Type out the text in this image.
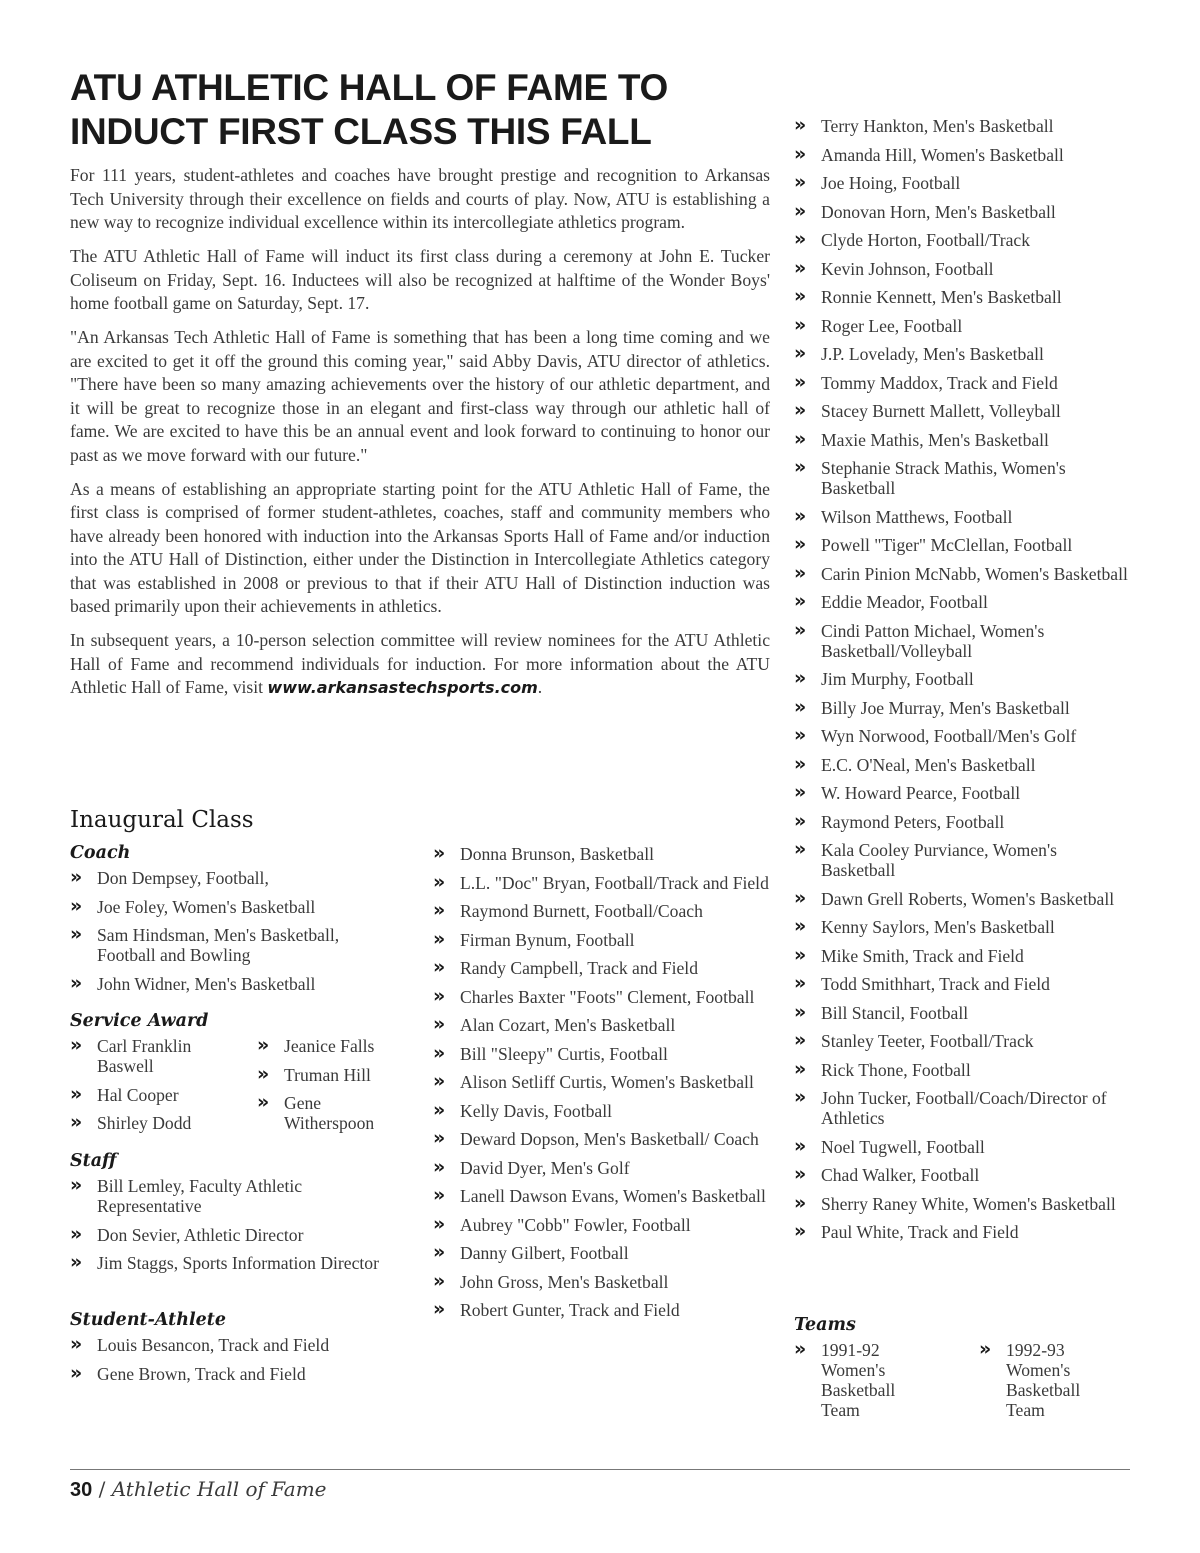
ATU ATHLETIC HALL OF FAME TO INDUCT FIRST CLASS THIS FALL

For 111 years, student-athletes and coaches have brought prestige and recognition to Arkansas Tech University through their excellence on fields and courts of play. Now, ATU is establishing a new way to recognize individual excellence within its intercollegiate athletics program.

The ATU Athletic Hall of Fame will induct its first class during a ceremony at John E. Tucker Coliseum on Friday, Sept. 16. Inductees will also be recognized at halftime of the Wonder Boys' home football game on Saturday, Sept. 17.

"An Arkansas Tech Athletic Hall of Fame is something that has been a long time coming and we are excited to get it off the ground this coming year," said Abby Davis, ATU director of athletics. "There have been so many amazing achievements over the history of our athletic department, and it will be great to recognize those in an elegant and first-class way through our athletic hall of fame. We are excited to have this be an annual event and look forward to continuing to honor our past as we move forward with our future."

As a means of establishing an appropriate starting point for the ATU Athletic Hall of Fame, the first class is comprised of former student-athletes, coaches, staff and community members who have already been honored with induction into the Arkansas Sports Hall of Fame and/or induction into the ATU Hall of Distinction, either under the Distinction in Intercollegiate Athletics category that was established in 2008 or previous to that if their ATU Hall of Distinction induction was based primarily upon their achievements in athletics.

In subsequent years, a 10-person selection committee will review nominees for the ATU Athletic Hall of Fame and recommend individuals for induction. For more information about the ATU Athletic Hall of Fame, visit www.arkansastechsports.com.

Inaugural Class
Coach
» Don Dempsey, Football,
» Joe Foley, Women's Basketball
» Sam Hindsman, Men's Basketball, Football and Bowling
» John Widner, Men's Basketball
Service Award
» Carl Franklin Baswell
» Hal Cooper
» Shirley Dodd
» Jeanice Falls
» Truman Hill
» Gene Witherspoon
Staff
» Bill Lemley, Faculty Athletic Representative
» Don Sevier, Athletic Director
» Jim Staggs, Sports Information Director
Student-Athlete
» Louis Besancon, Track and Field
» Gene Brown, Track and Field
» Donna Brunson, Basketball
» L.L. "Doc" Bryan, Football/Track and Field
» Raymond Burnett, Football/Coach
» Firman Bynum, Football
» Randy Campbell, Track and Field
» Charles Baxter "Foots" Clement, Football
» Alan Cozart, Men's Basketball
» Bill "Sleepy" Curtis, Football
» Alison Setliff Curtis, Women's Basketball
» Kelly Davis, Football
» Deward Dopson, Men's Basketball/ Coach
» David Dyer, Men's Golf
» Lanell Dawson Evans, Women's Basketball
» Aubrey "Cobb" Fowler, Football
» Danny Gilbert, Football
» John Gross, Men's Basketball
» Robert Gunter, Track and Field
» Terry Hankton, Men's Basketball
» Amanda Hill, Women's Basketball
» Joe Hoing, Football
» Donovan Horn, Men's Basketball
» Clyde Horton, Football/Track
» Kevin Johnson, Football
» Ronnie Kennett, Men's Basketball
» Roger Lee, Football
» J.P. Lovelady, Men's Basketball
» Tommy Maddox, Track and Field
» Stacey Burnett Mallett, Volleyball
» Maxie Mathis, Men's Basketball
» Stephanie Strack Mathis, Women's Basketball
» Wilson Matthews, Football
» Powell "Tiger" McClellan, Football
» Carin Pinion McNabb, Women's Basketball
» Eddie Meador, Football
» Cindi Patton Michael, Women's Basketball/Volleyball
» Jim Murphy, Football
» Billy Joe Murray, Men's Basketball
» Wyn Norwood, Football/Men's Golf
» E.C. O'Neal, Men's Basketball
» W. Howard Pearce, Football
» Raymond Peters, Football
» Kala Cooley Purviance, Women's Basketball
» Dawn Grell Roberts, Women's Basketball
» Kenny Saylors, Men's Basketball
» Mike Smith, Track and Field
» Todd Smithhart, Track and Field
» Bill Stancil, Football
» Stanley Teeter, Football/Track
» Rick Thone, Football
» John Tucker, Football/Coach/Director of Athletics
» Noel Tugwell, Football
» Chad Walker, Football
» Sherry Raney White, Women's Basketball
» Paul White, Track and Field
Teams
» 1991-92 Women's Basketball Team
» 1992-93 Women's Basketball Team
30 / Athletic Hall of Fame
